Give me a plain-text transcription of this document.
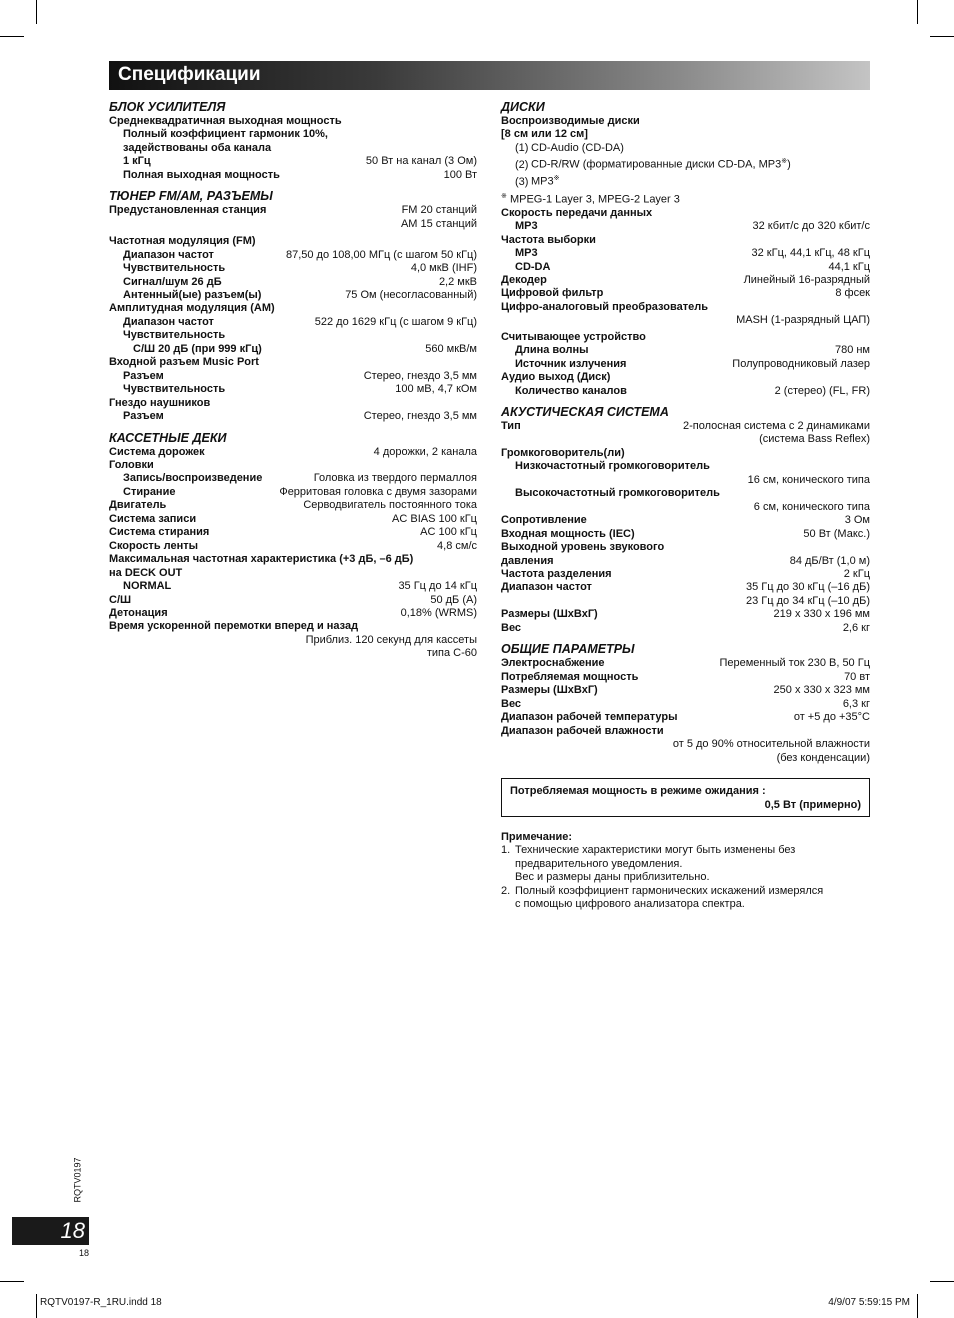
Спецификации
БЛОК УСИЛИТЕЛЯ
Среднеквадратичная выходная мощность
Полный коэффициент гармоник 10%,
задействованы оба канала
1 кГц	50 Вт на канал (3 Ом)
Полная выходная мощность	100 Вт
ТЮНЕР FM/AM, РАЗЪЕМЫ
Предустановленная станция	FM 20 станций
AM 15 станций
Частотная модуляция (FM)
Диапазон частот	87,50 до 108,00 МГц (с шагом 50 кГц)
Чувствительность	4,0 мкВ (IHF)
Сигнал/шум 26 дБ	2,2 мкВ
Антенный(ые) разъем(ы)	75 Ом (несогласованный)
Амплитудная модуляция (AM)
Диапазон частот	522 до 1629 кГц (с шагом 9 кГц)
Чувствительность
С/Ш 20 дБ (при 999 кГц)	560 мкВ/м
Входной разъем Music Port
Разъем	Стерео, гнездо 3,5 мм
Чувствительность	100 мВ, 4,7 кОм
Гнездо наушников
Разъем	Стерео, гнездо 3,5 мм
КАССЕТНЫЕ ДЕКИ
Система дорожек	4 дорожки, 2 канала
Головки
Запись/воспроизведение	Головка из твердого пермаллоя
Стирание	Ферритовая головка с двумя зазорами
Двигатель	Серводвигатель постоянного тока
Система записи	AC BIAS 100 кГц
Система стирания	AC 100 кГц
Скорость ленты	4,8 см/с
Максимальная частотная характеристика (+3 дБ, –6 дБ)
на DECK OUT
NORMAL	35 Гц до 14 кГц
С/Ш	50 дБ (A)
Детонация	0,18% (WRMS)
Время ускоренной перемотки вперед и назад
Приблиз. 120 секунд для кассеты
типа C-60
ДИСКИ
Воспроизводимые диски
[8 см или 12 см]
(1) CD-Audio (CD-DA)
(2) CD-R/RW (форматированные диски CD-DA, MP3※)
(3) MP3※
※ MPEG-1 Layer 3, MPEG-2 Layer 3
Скорость передачи данных
MP3	32 кбит/с до 320 кбит/с
Частота выборки
MP3	32 кГц, 44,1 кГц, 48 кГц
CD-DA	44,1 кГц
Декодер	Линейный 16-разрядный
Цифровой фильтр	8 фсек
Цифро-аналоговый преобразователь
MASH (1-разрядный ЦАП)
Считывающее устройство
Длина волны	780 нм
Источник излучения	Полупроводниковый лазер
Аудио выход (Диск)
Количество каналов	2 (стерео) (FL, FR)
АКУСТИЧЕСКАЯ СИСТЕМА
Тип	2-полосная система с 2 динамиками
(система Bass Reflex)
Громкоговоритель(ли)
Низкочастотный громкоговоритель
16 см, конического типа
Высокочастотный громкоговоритель
6 см, конического типа
Сопротивление	3 Ом
Входная мощность (IEC)	50 Вт (Макс.)
Выходной уровень звукового
давления	84 дБ/Вт (1,0 м)
Частота разделения	2 кГц
Диапазон частот	35 Гц до 30 кГц (–16 дБ)
23 Гц до 34 кГц (–10 дБ)
Размеры (ШхВхГ)	219 x 330 x 196 мм
Вес	2,6 кг
ОБЩИЕ ПАРАМЕТРЫ
Электроснабжение	Переменный ток 230 В, 50 Гц
Потребляемая мощность	70 вт
Размеры (ШхВхГ)	250 x 330 x 323 мм
Вес	6,3 кг
Диапазон рабочей температуры	от +5 до +35°C
Диапазон рабочей влажности
от 5 до 90% относительной влажности
(без конденсации)
Потребляемая мощность в режиме ожидания :
0,5 Вт (примерно)
Примечание:
1. Технические характеристики могут быть изменены без
предварительного уведомления.
Вес и размеры даны приблизительно.
2. Полный коэффициент гармонических искажений измерялся
с помощью цифрового анализатора спектра.
RQTV0197
18
18
RQTV0197-R_1RU.indd 18	4/9/07 5:59:15 PM
